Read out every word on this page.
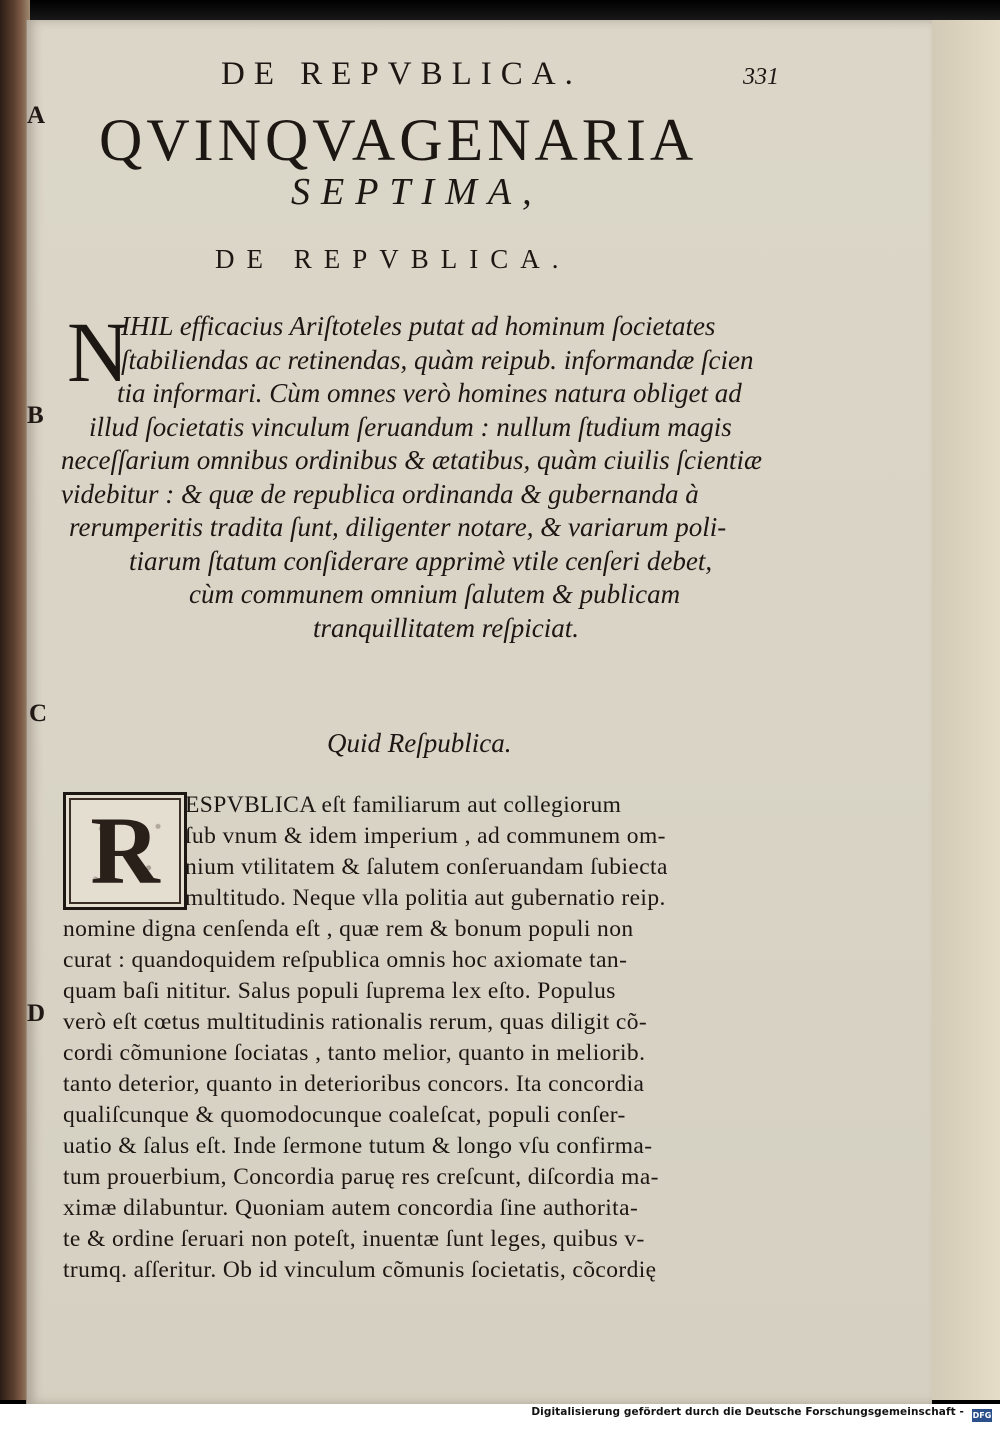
DE REPVBLICA.	331
A
B
C
D
QVINQVAGENARIA
SEPTIMA,
DE REPVBLICA.
N
IHIL efficacius Ariſtoteles putat ad hominum ſocietates
ſtabiliendas ac retinendas, quàm reipub. informandæ ſcien
tia informari. Cùm omnes verò homines natura obliget ad
illud ſocietatis vinculum ſeruandum : nullum ſtudium magis
neceſſarium omnibus ordinibus & ætatibus, quàm ciuilis ſcientiæ
videbitur : & quæ de republica ordinanda & gubernanda à
rerumperitis tradita ſunt, diligenter notare, & variarum poli-
tiarum ſtatum conſiderare apprimè vtile cenſeri debet,
cùm communem omnium ſalutem & publicam
tranquillitatem reſpiciat.
Quid Reſpublica.
R	ESPVBLICA eſt familiarum aut collegiorum
ſub vnum & idem imperium , ad communem om-
nium vtilitatem & ſalutem conſeruandam ſubiecta
multitudo. Neque vlla politia aut gubernatio reip.
nomine digna cenſenda eſt , quæ rem & bonum populi non
curat : quandoquidem reſpublica omnis hoc axiomate tan-
quam baſi nititur. Salus populi ſuprema lex eſto. Populus
verò eſt cœtus multitudinis rationalis rerum, quas diligit cõ-
cordi cõmunione ſociatas , tanto melior, quanto in meliorib.
tanto deterior, quanto in deterioribus concors. Ita concordia
qualiſcunque & quomodocunque coaleſcat, populi conſer-
uatio & ſalus eſt. Inde ſermone tutum & longo vſu confirma-
tum prouerbium, Concordia paruę res creſcunt, diſcordia ma-
ximæ dilabuntur. Quoniam autem concordia ſine authorita-
te & ordine ſeruari non poteſt, inuentæ ſunt leges, quibus v-
trumq. aſſeritur. Ob id vinculum cõmunis ſocietatis, cõcordię
Digitalisierung gefördert durch die Deutsche Forschungsgemeinschaft - DFG
